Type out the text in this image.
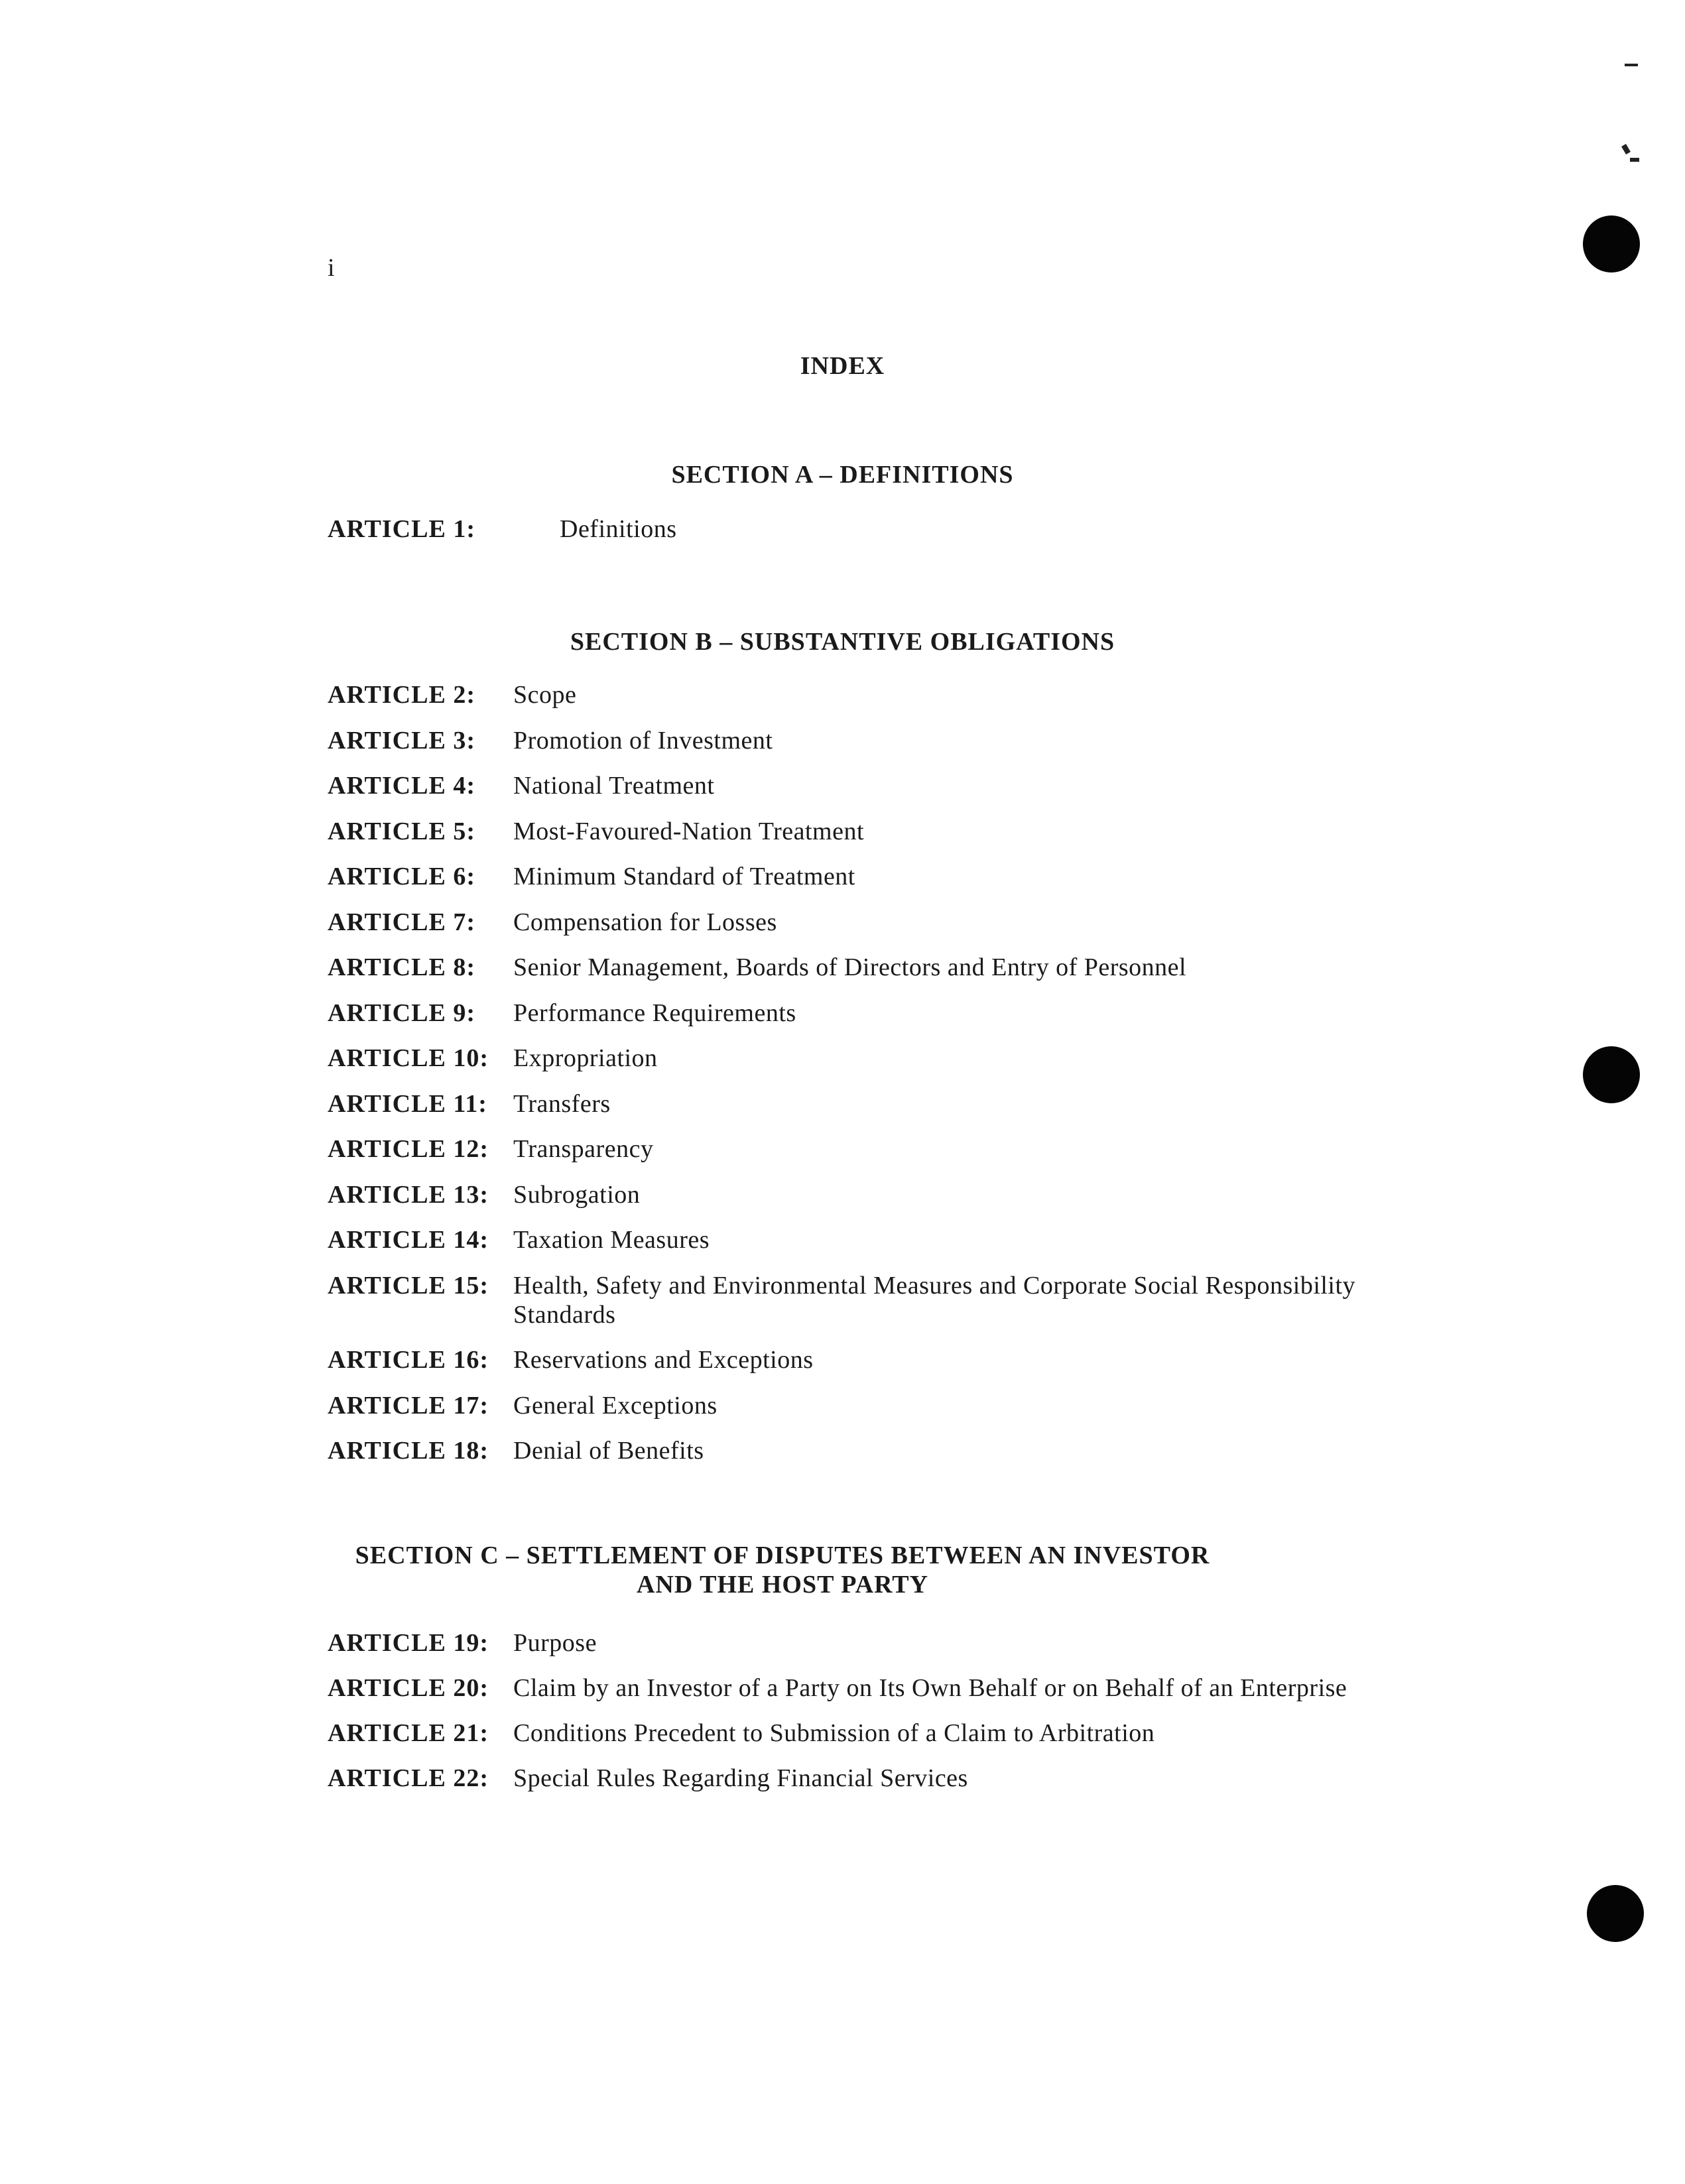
i
INDEX
SECTION A – DEFINITIONS
ARTICLE 1:	Definitions
SECTION B – SUBSTANTIVE OBLIGATIONS
ARTICLE 2: Scope
ARTICLE 3: Promotion of Investment
ARTICLE 4: National Treatment
ARTICLE 5: Most-Favoured-Nation Treatment
ARTICLE 6: Minimum Standard of Treatment
ARTICLE 7: Compensation for Losses
ARTICLE 8: Senior Management, Boards of Directors and Entry of Personnel
ARTICLE 9: Performance Requirements
ARTICLE 10: Expropriation
ARTICLE 11: Transfers
ARTICLE 12: Transparency
ARTICLE 13: Subrogation
ARTICLE 14: Taxation Measures
ARTICLE 15: Health, Safety and Environmental Measures and Corporate Social Responsibility Standards
ARTICLE 16: Reservations and Exceptions
ARTICLE 17: General Exceptions
ARTICLE 18: Denial of Benefits
SECTION C – SETTLEMENT OF DISPUTES BETWEEN AN INVESTOR
AND THE HOST PARTY
ARTICLE 19: Purpose
ARTICLE 20: Claim by an Investor of a Party on Its Own Behalf or on Behalf of an Enterprise
ARTICLE 21: Conditions Precedent to Submission of a Claim to Arbitration
ARTICLE 22: Special Rules Regarding Financial Services
